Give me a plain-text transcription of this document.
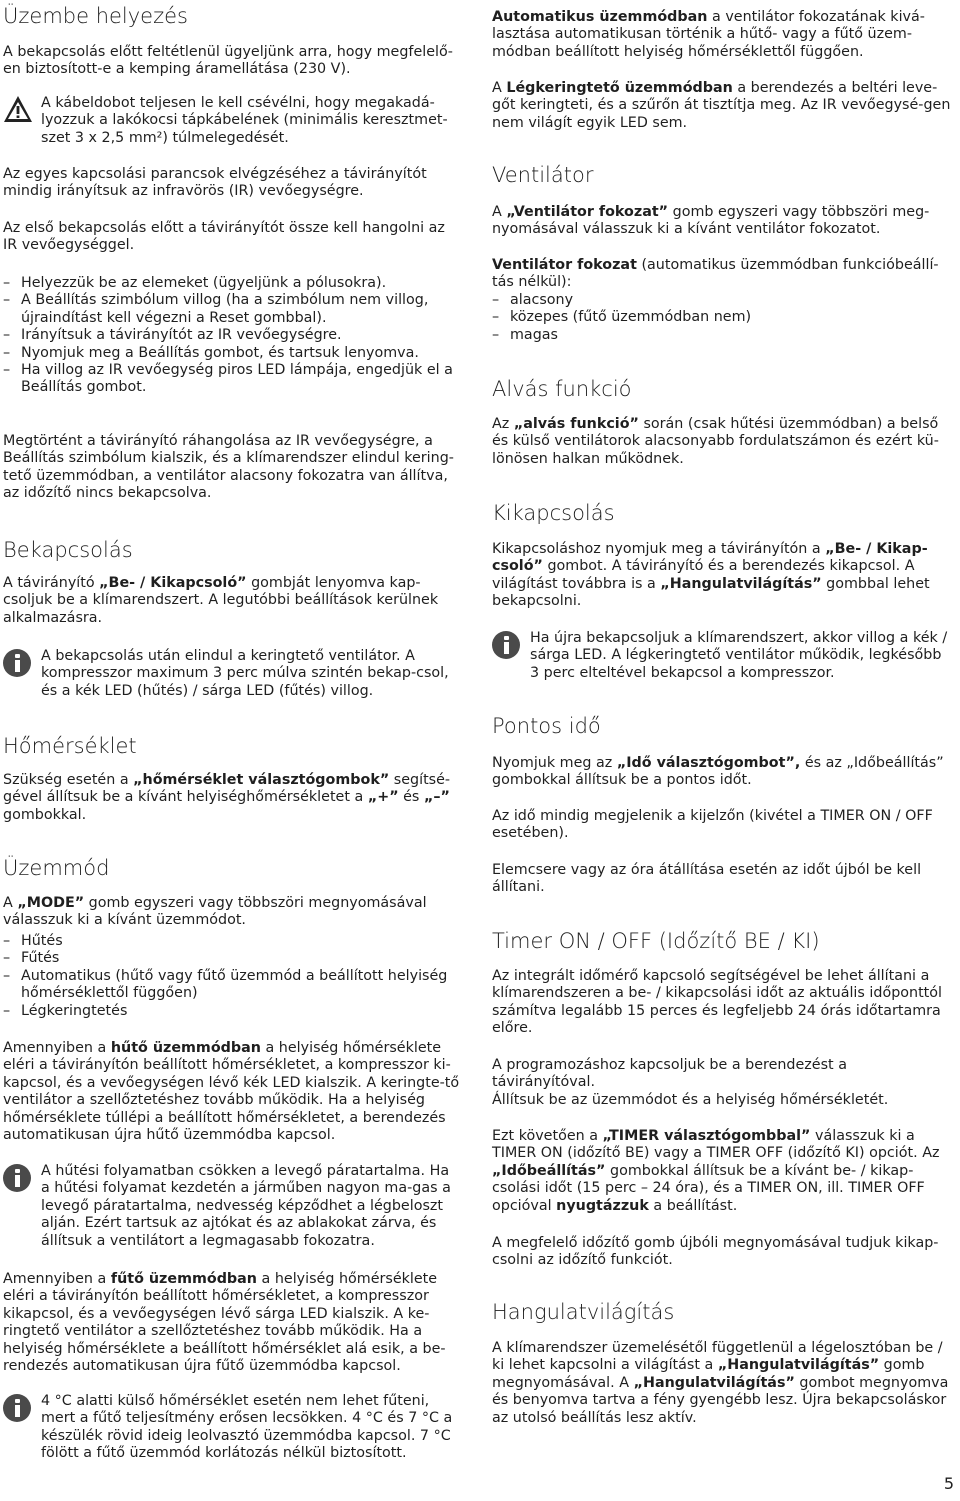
Üzembe helyezés

A bekapcsolás előtt feltétlenül ügyeljünk arra, hogy megfelelő-en biztosított-e a kemping áramellátása (230 V).

A kábeldobot teljesen le kell csévélni, hogy megakadá-lyozzuk a lakókocsi tápkábelének (minimális keresztmet-szet 3 x 2,5 mm²) túlmelegedését.

Az egyes kapcsolási parancsok elvégzéséhez a távirányítót mindig irányítsuk az infravörös (IR) vevőegységre.

Az első bekapcsolás előtt a távirányítót össze kell hangolni az IR vevőegységgel.

– Helyezzük be az elemeket (ügyeljünk a pólusokra).
– A Beállítás szimbólum villog (ha a szimbólum nem villog, újraindítást kell végezni a Reset gombbal).
– Irányítsuk a távirányítót az IR vevőegységre.
– Nyomjuk meg a Beállítás gombot, és tartsuk lenyomva.
– Ha villog az IR vevőegység piros LED lámpája, engedjük el a Beállítás gombot.

Megtörtént a távirányító ráhangolása az IR vevőegységre, a Beállítás szimbólum kialszik, és a klímarendszer elindul kering-tető üzemmódban, a ventilátor alacsony fokozatra van állítva, az időzítő nincs bekapcsolva.

Bekapcsolás

A távirányító „Be- / Kikapcsoló” gombját lenyomva kap-csoljuk be a klímarendszert. A legutóbbi beállítások kerülnek alkalmazásra.

A bekapcsolás után elindul a keringtető ventilátor. A kompresszor maximum 3 perc múlva szintén bekap-csol, és a kék LED (hűtés) / sárga LED (fűtés) villog.

Hőmérséklet

Szükség esetén a „hőmérséklet választógombok” segítsé-gével állítsuk be a kívánt helyiséghőmérsékletet a „+” és „–” gombokkal.

Üzemmód

A „MODE” gomb egyszeri vagy többszöri megnyomásával válasszuk ki a kívánt üzemmódot.

– Hűtés
– Fűtés
– Automatikus (hűtő vagy fűtő üzemmód a beállított helyiség hőmérséklettől függően)
– Légkeringtetés

Amennyiben a hűtő üzemmódban a helyiség hőmérséklete eléri a távirányítón beállított hőmérsékletet, a kompresszor ki-kapcsol, és a vevőegységen lévő kék LED kialszik. A keringte-tő ventilátor a szellőztetéshez tovább működik. Ha a helyiség hőmérséklete túllépi a beállított hőmérsékletet, a berendezés automatikusan újra hűtő üzemmódba kapcsol.

A hűtési folyamatban csökken a levegő páratartalma. Ha a hűtési folyamat kezdetén a járműben nagyon ma-gas a levegő páratartalma, nedvesség képződhet a légbeloszt alján. Ezért tartsuk az ajtókat és az ablakokat zárva, és állítsuk a ventilátort a legmagasabb fokozatra.

Amennyiben a fűtő üzemmódban a helyiség hőmérséklete eléri a távirányítón beállított hőmérsékletet, a kompresszor kikapcsol, és a vevőegységen lévő sárga LED kialszik. A ke-ringtető ventilátor a szellőztetéshez tovább működik. Ha a helyiség hőmérséklete a beállított hőmérséklet alá esik, a be-rendezés automatikusan újra fűtő üzemmódba kapcsol.

4 °C alatti külső hőmérséklet esetén nem lehet fűteni, mert a fűtő teljesítmény erősen lecsökken. 4 °C és 7 °C a készülék rövid ideig leolvasztó üzemmódba kapcsol. 7 °C fölött a fűtő üzemmód korlátozás nélkül biztosított.

Automatikus üzemmódban a ventilátor fokozatának kivá-lasztása automatikusan történik a hűtő- vagy a fűtő üzem-módban beállított helyiség hőmérséklettől függően.

A Légkeringtető üzemmódban a berendezés a beltéri leve-gőt keringteti, és a szűrőn át tisztítja meg. Az IR vevőegysé-gen nem világít egyik LED sem.

Ventilátor

A „Ventilátor fokozat” gomb egyszeri vagy többszöri meg-nyomásával válasszuk ki a kívánt ventilátor fokozatot.

Ventilátor fokozat (automatikus üzemmódban funkcióbeállí-tás nélkül):

– alacsony
– közepes (fűtő üzemmódban nem)
– magas
Alvás funkció

Az „alvás funkció” során (csak hűtési üzemmódban) a belső és külső ventilátorok alacsonyabb fordulatszámon és ezért kü-lönösen halkan működnek.

Kikapcsolás

Kikapcsoláshoz nyomjuk meg a távirányítón a „Be- / Kikap-csoló” gombot. A távirányító és a berendezés kikapcsol. A világítást továbbra is a „Hangulatvilágítás” gombbal lehet bekapcsolni.

Ha újra bekapcsoljuk a klímarendszert, akkor villog a kék / sárga LED. A légkeringtető ventilátor működik, legkésőbb 3 perc elteltével bekapcsol a kompresszor.

Pontos idő

Nyomjuk meg az „Idő választógombot”, és az „Időbeállítás” gombokkal állítsuk be a pontos időt.

Az idő mindig megjelenik a kijelzőn (kivétel a TIMER ON / OFF esetében).

Elemcsere vagy az óra átállítása esetén az időt újból be kell állítani.

Timer ON / OFF (Időzítő BE / KI)

Az integrált időmérő kapcsoló segítségével be lehet állítani a klímarendszeren a be- / kikapcsolási időt az aktuális időponttól számítva legalább 15 perces és legfeljebb 24 órás időtartamra előre.

A programozáshoz kapcsoljuk be a berendezést a távirányítóval.

Állítsuk be az üzemmódot és a helyiség hőmérsékletét.

Ezt követően a „TIMER választógombbal” válasszuk ki a TIMER ON (időzítő BE) vagy a TIMER OFF (időzítő KI) opciót. Az „Időbeállítás” gombokkal állítsuk be a kívánt be- / kikap-csolási időt (15 perc – 24 óra), és a TIMER ON, ill. TIMER OFF opcióval nyugtázzuk a beállítást.

A megfelelő időzítő gomb újbóli megnyomásával tudjuk kikap-csolni az időzítő funkciót.

Hangulatvilágítás

A klímarendszer üzemelésétől függetlenül a légelosztóban be / ki lehet kapcsolni a világítást a „Hangulatvilágítás” gomb megnyomásával. A „Hangulatvilágítás” gombot megnyomva és benyomva tartva a fény gyengébb lesz. Újra bekapcsoláskor az utolsó beállítás lesz aktív.

5
